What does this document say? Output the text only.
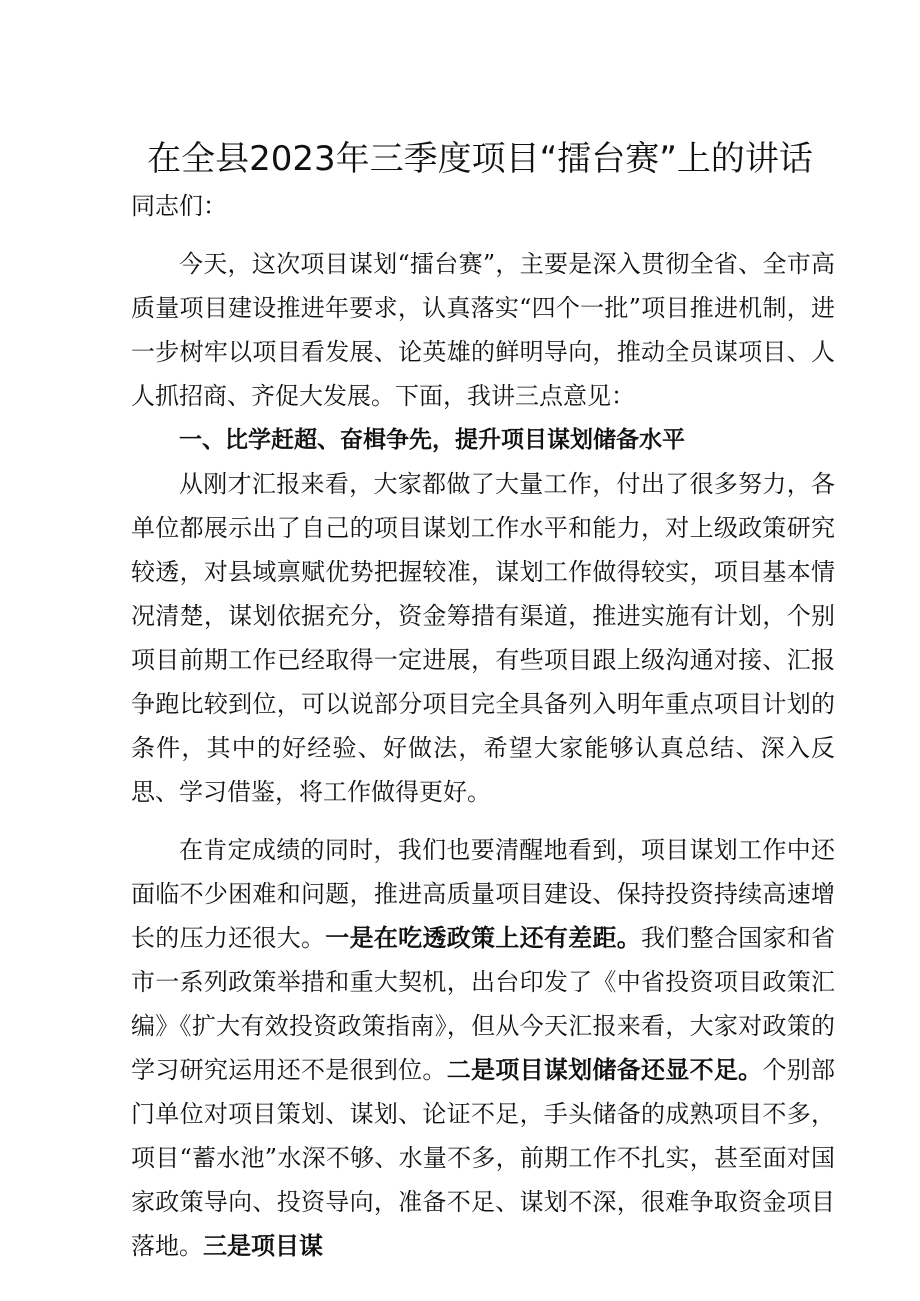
在全县2023年三季度项目“擂台赛”上的讲话

同志们：

今天，这次项目谋划“擂台赛”，主要是深入贯彻全省、全市高质量项目建设推进年要求，认真落实“四个一批”项目推进机制，进一步树牢以项目看发展、论英雄的鲜明导向，推动全员谋项目、人人抓招商、齐促大发展。下面，我讲三点意见：

一、比学赶超、奋楫争先，提升项目谋划储备水平

从刚才汇报来看，大家都做了大量工作，付出了很多努力，各单位都展示出了自己的项目谋划工作水平和能力，对上级政策研究较透，对县域禀赋优势把握较准，谋划工作做得较实，项目基本情况清楚，谋划依据充分，资金筹措有渠道，推进实施有计划，个别项目前期工作已经取得一定进展，有些项目跟上级沟通对接、汇报争跑比较到位，可以说部分项目完全具备列入明年重点项目计划的条件，其中的好经验、好做法，希望大家能够认真总结、深入反思、学习借鉴，将工作做得更好。

在肯定成绩的同时，我们也要清醒地看到，项目谋划工作中还面临不少困难和问题，推进高质量项目建设、保持投资持续高速增长的压力还很大。一是在吃透政策上还有差距。我们整合国家和省市一系列政策举措和重大契机，出台印发了《中省投资项目政策汇编》《扩大有效投资政策指南》，但从今天汇报来看，大家对政策的学习研究运用还不是很到位。二是项目谋划储备还显不足。个别部门单位对项目策划、谋划、论证不足，手头储备的成熟项目不多，项目“蓄水池”水深不够、水量不多，前期工作不扎实，甚至面对国家政策导向、投资导向，准备不足、谋划不深，很难争取资金项目落地。三是项目谋
